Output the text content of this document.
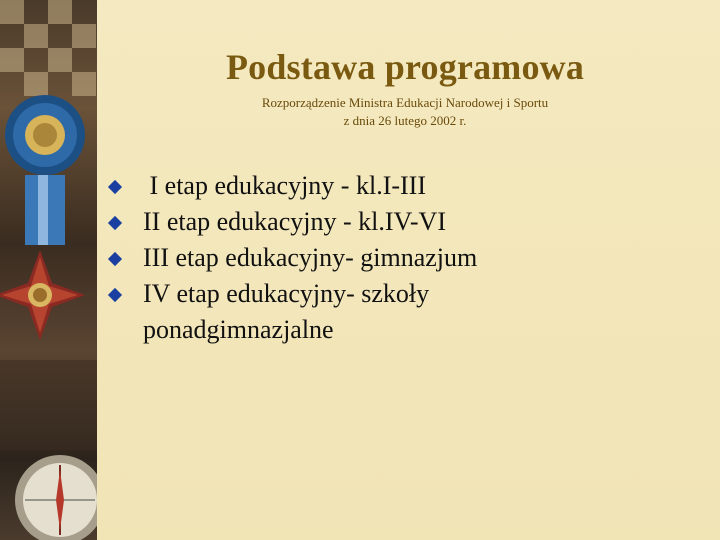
Podstawa programowa
Rozporządzenie Ministra Edukacji Narodowej i Sportu
z dnia 26 lutego 2002 r.
I etap edukacyjny - kl.I-III
II etap edukacyjny - kl.IV-VI
III etap edukacyjny- gimnazjum
IV etap edukacyjny- szkoły ponadgimnazjalne
